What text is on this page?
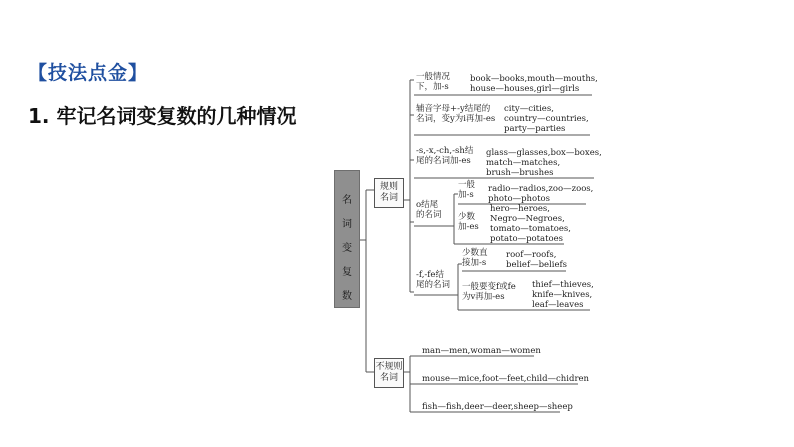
【技法点金】
1. 牢记名词变复数的几种情况
名
词
变
复
数
规则
名词
不规则
名词
一般情况
下，加-s
book—books,mouth—mouths,
house—houses,girl—girls
辅音字母+-y结尾的
名词，变y为i再加-es
city—cities,
country—countries,
party—parties
-s,-x,-ch,-sh结
尾的名词加-es
glass—glasses,box—boxes,
match—matches,
brush—brushes
o结尾
的名词
一般
加-s
radio—radios,zoo—zoos,
photo—photos
少数
加-es
hero—heroes,
Negro—Negroes,
tomato—tomatoes,
potato—potatoes
-f,-fe结
尾的名词
少数直
接加-s
roof—roofs,
belief—beliefs
一般要变f或fe
为v再加-es
thief—thieves,
knife—knives,
leaf—leaves
man—men,woman—women
mouse—mice,foot—feet,child—chidren
fish—fish,deer—deer,sheep—sheep
